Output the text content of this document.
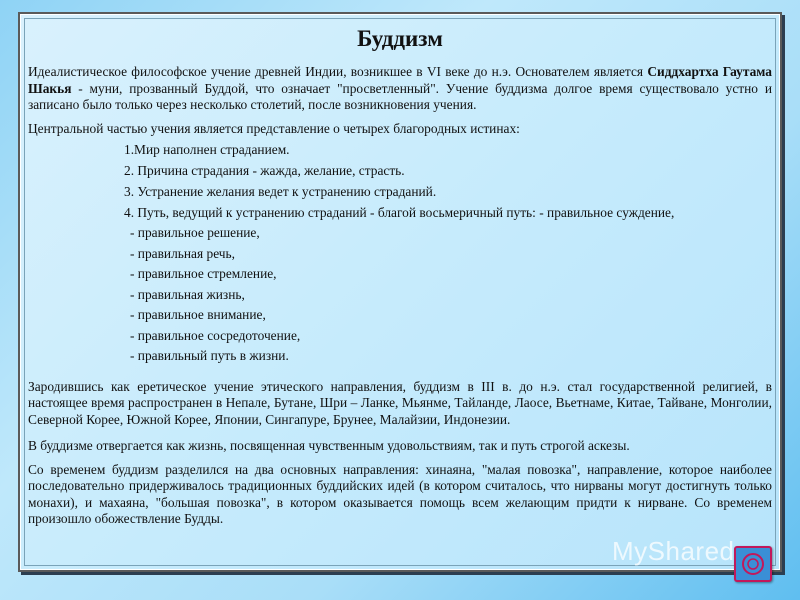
Буддизм

Идеалистическое философское учение древней Индии, возникшее в VI веке до н.э. Основателем является Сиддхартха Гаутама Шакья - муни, прозванный Буддой, что означает "просветленный". Учение буддизма долгое время существовало устно и записано было только через несколько столетий, после возникновения учения.

Центральной частью учения является представление о четырех благородных истинах:

1.Мир наполнен страданием.
2. Причина страдания - жажда, желание, страсть.
3. Устранение желания ведет к устранению страданий.
4. Путь, ведущий к устранению страданий - благой восьмеричный путь: - правильное суждение,
- правильное решение,
- правильная речь,
- правильное стремление,
- правильная жизнь,
- правильное внимание,
- правильное сосредоточение,
- правильный путь в жизни.

Зародившись как еретическое учение этического направления, буддизм в III в. до н.э. стал государственной религией, в настоящее время распространен в Непале, Бутане, Шри – Ланке, Мьянме, Тайланде, Лаосе, Вьетнаме, Китае, Тайване, Монголии, Северной Корее, Южной Корее, Японии, Сингапуре, Брунее, Малайзии, Индонезии.

В буддизме отвергается как жизнь, посвященная чувственным удовольствиям, так и путь строгой аскезы.

Со временем буддизм разделился на два основных направления: хинаяна, "малая повозка", направление, которое наиболее последовательно придерживалось традиционных буддийских идей (в котором считалось, что нирваны могут достигнуть только монахи), и махаяна, "большая повозка", в котором оказывается помощь всем желающим придти к нирване. Со временем произошло обожествление Будды.

MyShared
